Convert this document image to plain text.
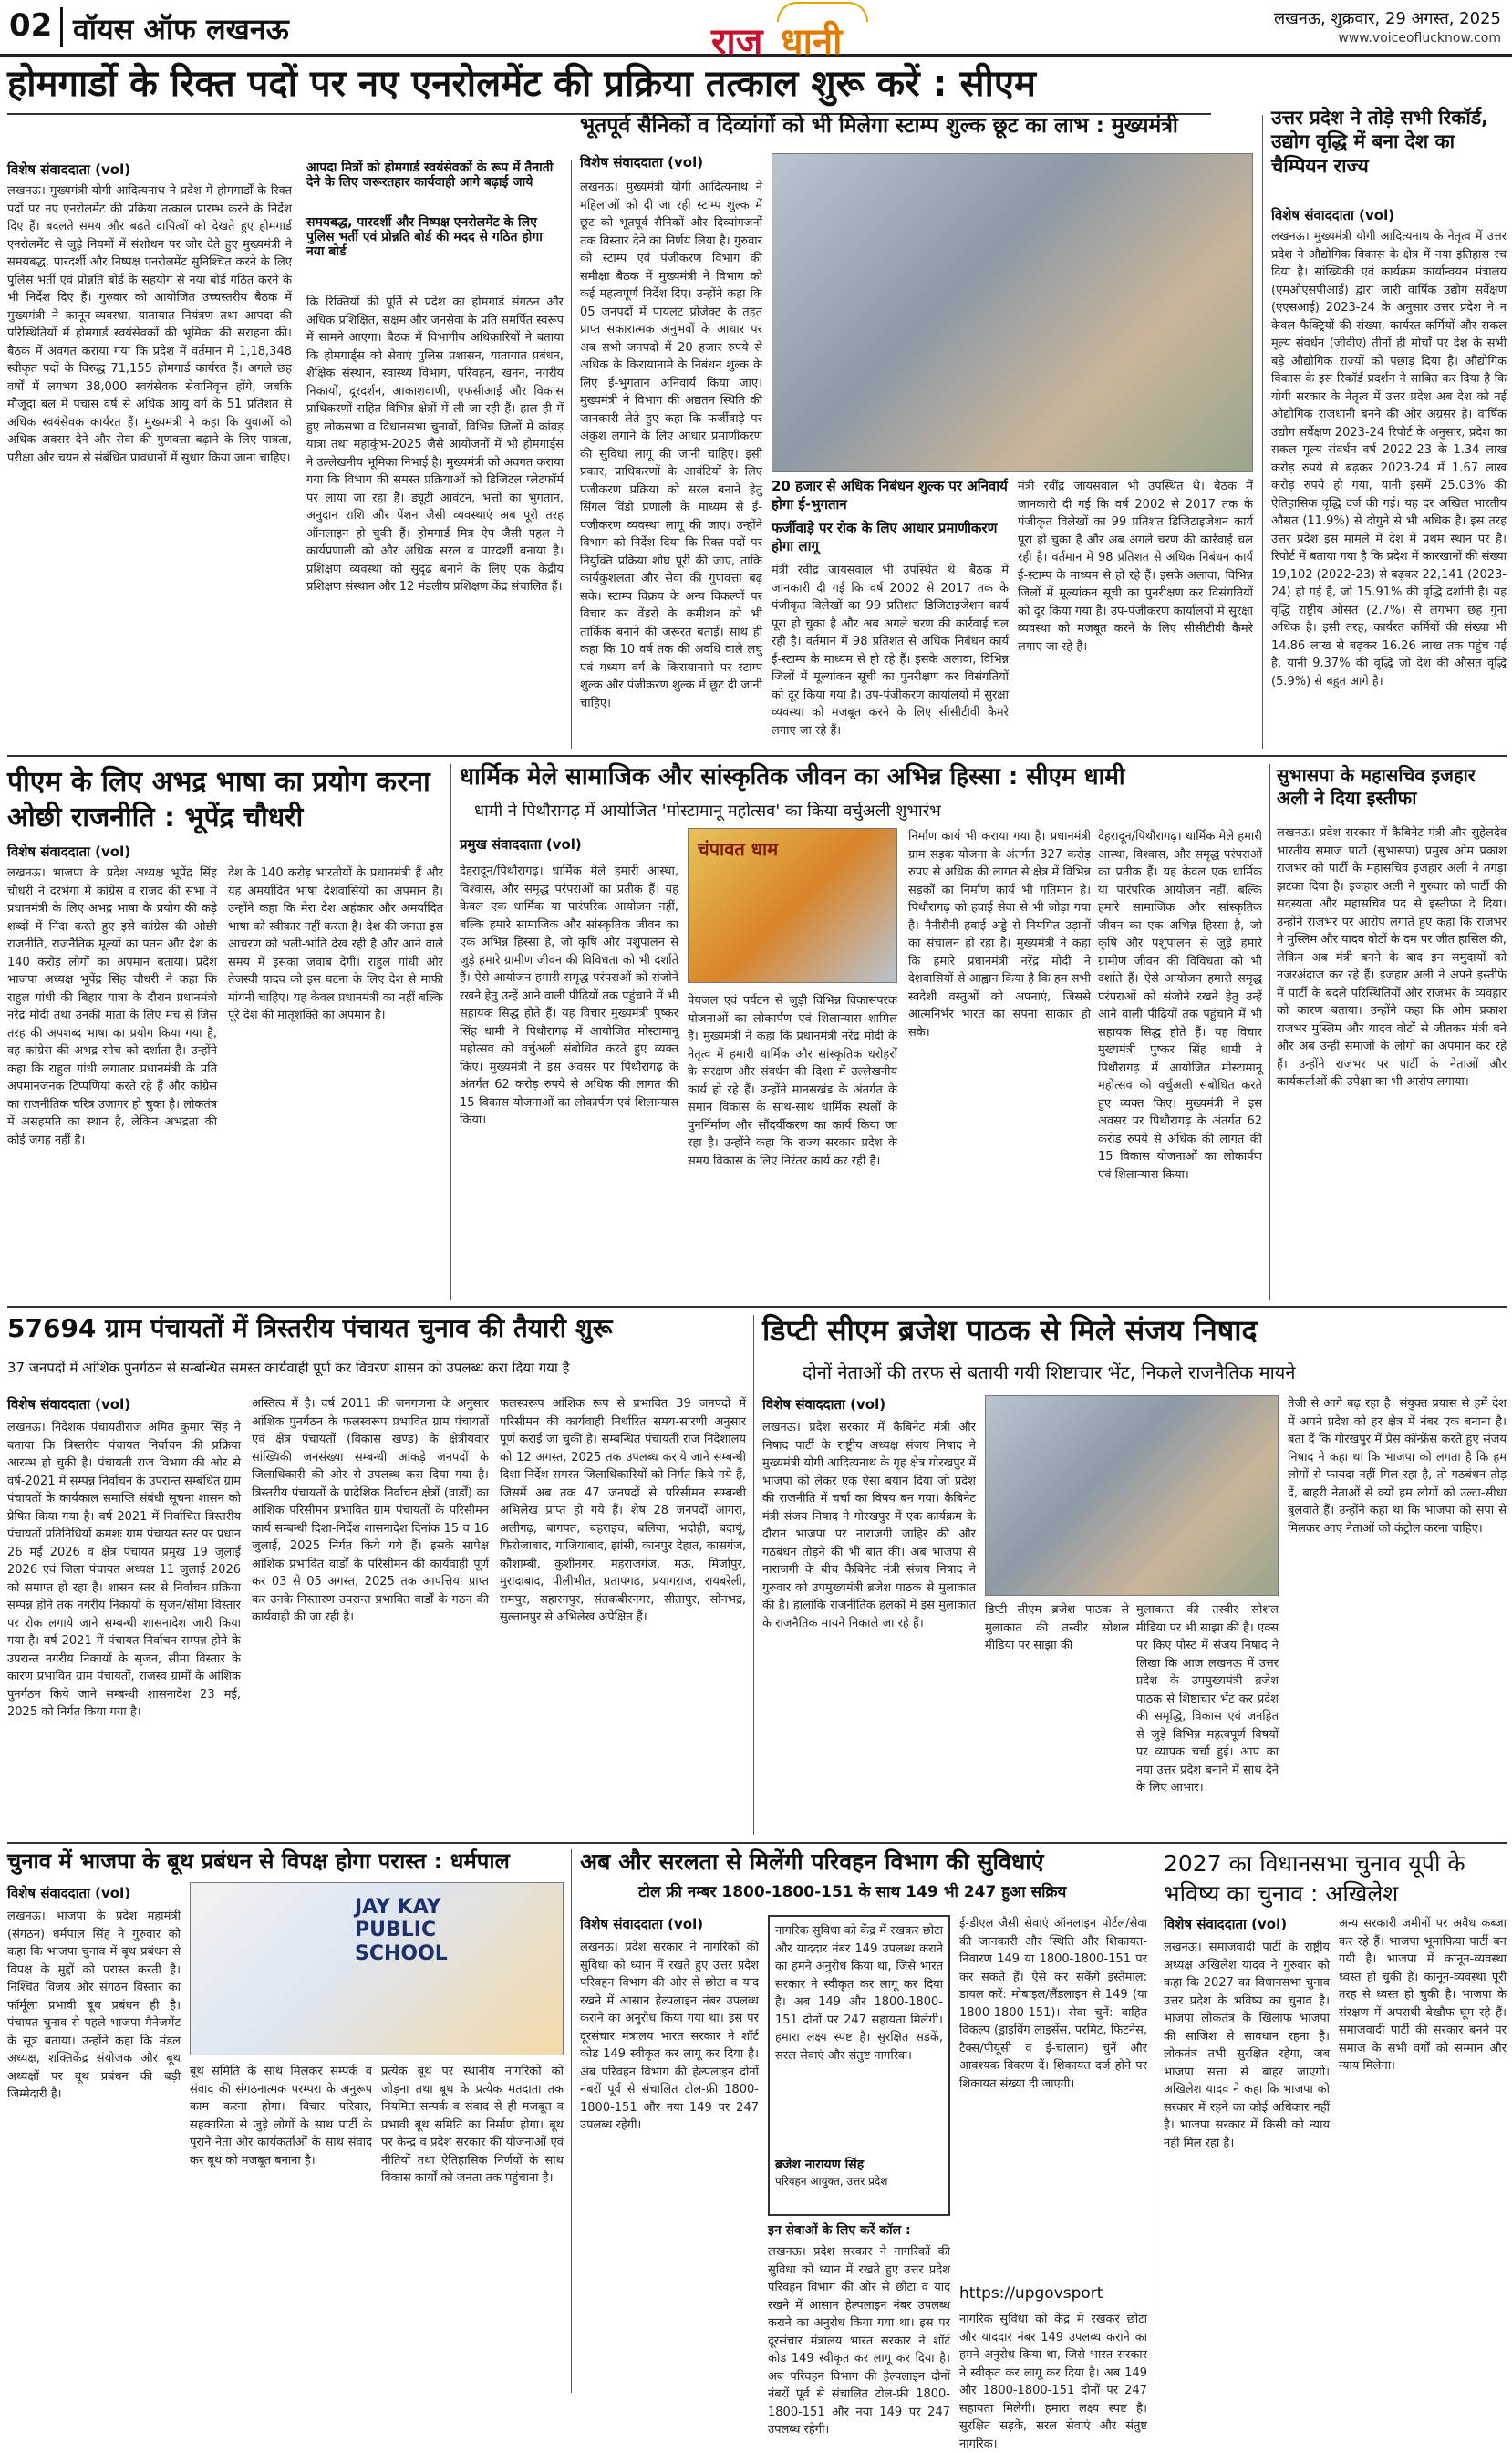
02 वॉयस ऑफ लखनऊ	राज धानी
लखनऊ, शुक्रवार, 29 अगस्त, 2025
www.voiceoflucknow.com
होमगार्डो के रिक्त पदों पर नए एनरोलमेंट की प्रक्रिया तत्काल शुरू करें : सीएम
विशेष संवाददाता (vol)
लखनऊ। मुख्यमंत्री योगी आदित्यनाथ ने प्रदेश में होमगार्डों के रिक्त पदों पर नए एनरोलमेंट की प्रक्रिया तत्काल प्रारम्भ करने के निर्देश दिए हैं। बदलते समय और बढ़ते दायित्वों को देखते हुए होमगार्ड एनरोलमेंट से जुड़े नियमों में संशोधन पर जोर देते हुए मुख्यमंत्री ने समयबद्ध, पारदर्शी और निष्पक्ष एनरोलमेंट सुनिश्चित करने के लिए पुलिस भर्ती एवं प्रोन्नति बोर्ड के सहयोग से नया बोर्ड गठित करने के भी निर्देश दिए हैं। गुरुवार को आयोजित उच्चस्तरीय बैठक में मुख्यमंत्री ने कानून-व्यवस्था, यातायात नियंत्रण तथा आपदा की परिस्थितियों में होमगार्ड स्वयंसेवकों की भूमिका की सराहना की। बैठक में अवगत कराया गया कि प्रदेश में वर्तमान में 1,18,348 स्वीकृत पदों के विरुद्ध 71,155 होमगार्ड कार्यरत हैं। अगले छह वर्षों में लगभग 38,000 स्वयंसेवक सेवानिवृत्त होंगे, जबकि मौजूदा बल में पचास वर्ष से अधिक आयु वर्ग के 51 प्रतिशत से अधिक स्वयंसेवक कार्यरत हैं। मुख्यमंत्री ने कहा कि युवाओं को अधिक अवसर देने और सेवा की गुणवत्ता बढ़ाने के लिए पात्रता, परीक्षा और चयन से संबंधित प्रावधानों में सुधार किया जाना चाहिए।
आपदा मित्रों को होमगार्ड स्वयंसेवकों के रूप में तैनाती देने के लिए जरूरतहार कार्यवाही आगे बढ़ाई जाये
समयबद्ध, पारदर्शी और निष्पक्ष एनरोलमेंट के लिए पुलिस भर्ती एवं प्रोन्नति बोर्ड की मदद से गठित होगा नया बोर्ड
कि रिक्तियों की पूर्ति से प्रदेश का होमगार्ड संगठन और अधिक प्रशिक्षित, सक्षम और जनसेवा के प्रति समर्पित स्वरूप में सामने आएगा। बैठक में विभागीय अधिकारियों ने बताया कि होमगार्ड्स को सेवाएं पुलिस प्रशासन, यातायात प्रबंधन, शैक्षिक संस्थान, स्वास्थ्य विभाग, परिवहन, खनन, नगरीय निकायों, दूरदर्शन, आकाशवाणी, एफसीआई और विकास प्राधिकरणों सहित विभिन्न क्षेत्रों में ली जा रही हैं। हाल ही में हुए लोकसभा व विधानसभा चुनावों, विभिन्न जिलों में कांवड़ यात्रा तथा महाकुंभ-2025 जैसे आयोजनों में भी होमगार्ड्स ने उल्लेखनीय भूमिका निभाई है। मुख्यमंत्री को अवगत कराया गया कि विभाग की समस्त प्रक्रियाओं को डिजिटल प्लेटफॉर्म पर लाया जा रहा है। ड्यूटी आवंटन, भत्तों का भुगतान, अनुदान राशि और पेंशन जैसी व्यवस्थाएं अब पूरी तरह ऑनलाइन हो चुकी हैं। होमगार्ड मित्र ऐप जैसी पहल ने कार्यप्रणाली को और अधिक सरल व पारदर्शी बनाया है। प्रशिक्षण व्यवस्था को सुदृढ़ बनाने के लिए एक केंद्रीय प्रशिक्षण संस्थान और 12 मंडलीय प्रशिक्षण केंद्र संचालित हैं।
भूतपूर्व सैनिकों व दिव्यांगों को भी मिलेगा स्टाम्प शुल्क छूट का लाभ : मुख्यमंत्री
विशेष संवाददाता (vol)
लखनऊ। मुख्यमंत्री योगी आदित्यनाथ ने महिलाओं को दी जा रही स्टाम्प शुल्क में छूट को भूतपूर्व सैनिकों और दिव्यांगजनों तक विस्तार देने का निर्णय लिया है। गुरुवार को स्टाम्प एवं पंजीकरण विभाग की समीक्षा बैठक में मुख्यमंत्री ने विभाग को कई महत्वपूर्ण निर्देश दिए। उन्होंने कहा कि 05 जनपदों में पायलट प्रोजेक्ट के तहत प्राप्त सकारात्मक अनुभवों के आधार पर अब सभी जनपदों में 20 हजार रुपये से अधिक के किरायानामे के निबंधन शुल्क के लिए ई-भुगतान अनिवार्य किया जाए। मुख्यमंत्री ने विभाग की अद्यतन स्थिति की जानकारी लेते हुए कहा कि फर्जीवाड़े पर अंकुश लगाने के लिए आधार प्रमाणीकरण की सुविधा लागू की जानी चाहिए। इसी प्रकार, प्राधिकरणों के आवंटियों के लिए पंजीकरण प्रक्रिया को सरल बनाने हेतु सिंगल विंडो प्रणाली के माध्यम से ई-पंजीकरण व्यवस्था लागू की जाए। उन्होंने विभाग को निर्देश दिया कि रिक्त पदों पर नियुक्ति प्रक्रिया शीघ्र पूरी की जाए, ताकि कार्यकुशलता और सेवा की गुणवत्ता बढ़ सके। स्टाम्प विक्रय के अन्य विकल्पों पर विचार कर वेंडरों के कमीशन को भी तार्किक बनाने की जरूरत बताई। साथ ही कहा कि 10 वर्ष तक की अवधि वाले लघु एवं मध्यम वर्ग के किरायानामे पर स्टाम्प शुल्क और पंजीकरण शुल्क में छूट दी जानी चाहिए।
20 हजार से अधिक निबंधन शुल्क पर अनिवार्य होगा ई-भुगतान
फर्जीवाड़े पर रोक के लिए आधार प्रमाणीकरण होगा लागू
मंत्री रवींद्र जायसवाल भी उपस्थित थे। बैठक में जानकारी दी गई कि वर्ष 2002 से 2017 तक के पंजीकृत विलेखों का 99 प्रतिशत डिजिटाइजेशन कार्य पूरा हो चुका है और अब अगले चरण की कार्रवाई चल रही है। वर्तमान में 98 प्रतिशत से अधिक निबंधन कार्य ई-स्टाम्प के माध्यम से हो रहे हैं। इसके अलावा, विभिन्न जिलों में मूल्यांकन सूची का पुनरीक्षण कर विसंगतियों को दूर किया गया है। उप-पंजीकरण कार्यालयों में सुरक्षा व्यवस्था को मजबूत करने के लिए सीसीटीवी कैमरे लगाए जा रहे हैं।
मंत्री रवींद्र जायसवाल भी उपस्थित थे। बैठक में जानकारी दी गई कि वर्ष 2002 से 2017 तक के पंजीकृत विलेखों का 99 प्रतिशत डिजिटाइजेशन कार्य पूरा हो चुका है और अब अगले चरण की कार्रवाई चल रही है। वर्तमान में 98 प्रतिशत से अधिक निबंधन कार्य ई-स्टाम्प के माध्यम से हो रहे हैं। इसके अलावा, विभिन्न जिलों में मूल्यांकन सूची का पुनरीक्षण कर विसंगतियों को दूर किया गया है। उप-पंजीकरण कार्यालयों में सुरक्षा व्यवस्था को मजबूत करने के लिए सीसीटीवी कैमरे लगाए जा रहे हैं।
उत्तर प्रदेश ने तोड़े सभी रिकॉर्ड, उद्योग वृद्धि में बना देश का चैम्पियन राज्य
विशेष संवाददाता (vol)
लखनऊ। मुख्यमंत्री योगी आदित्यनाथ के नेतृत्व में उत्तर प्रदेश ने औद्योगिक विकास के क्षेत्र में नया इतिहास रच दिया है। सांख्यिकी एवं कार्यक्रम कार्यान्वयन मंत्रालय (एमओएसपीआई) द्वारा जारी वार्षिक उद्योग सर्वेक्षण (एएसआई) 2023-24 के अनुसार उत्तर प्रदेश ने न केवल फैक्ट्रियों की संख्या, कार्यरत कर्मियों और सकल मूल्य संवर्धन (जीवीए) तीनों ही मोर्चों पर देश के सभी बड़े औद्योगिक राज्यों को पछाड़ दिया है। औद्योगिक विकास के इस रिकॉर्ड प्रदर्शन ने साबित कर दिया है कि योगी सरकार के नेतृत्व में उत्तर प्रदेश अब देश को नई औद्योगिक राजधानी बनने की ओर अग्रसर है। वार्षिक उद्योग सर्वेक्षण 2023-24 रिपोर्ट के अनुसार, प्रदेश का सकल मूल्य संवर्धन वर्ष 2022-23 के 1.34 लाख करोड़ रुपये से बढ़कर 2023-24 में 1.67 लाख करोड़ रुपये हो गया, यानी इसमें 25.03% की ऐतिहासिक वृद्धि दर्ज की गई। यह दर अखिल भारतीय औसत (11.9%) से दोगुने से भी अधिक है। इस तरह उत्तर प्रदेश इस मामले में देश में प्रथम स्थान पर है। रिपोर्ट में बताया गया है कि प्रदेश में कारखानों की संख्या 19,102 (2022-23) से बढ़कर 22,141 (2023-24) हो गई है, जो 15.91% की वृद्धि दर्शाती है। यह वृद्धि राष्ट्रीय औसत (2.7%) से लगभग छह गुना अधिक है। इसी तरह, कार्यरत कर्मियों की संख्या भी 14.86 लाख से बढ़कर 16.26 लाख तक पहुंच गई है, यानी 9.37% की वृद्धि जो देश की औसत वृद्धि (5.9%) से बहुत आगे है।
पीएम के लिए अभद्र भाषा का प्रयोग करना ओछी राजनीति : भूपेंद्र चौधरी
विशेष संवाददाता (vol)
लखनऊ। भाजपा के प्रदेश अध्यक्ष भूपेंद्र सिंह चौधरी ने दरभंगा में कांग्रेस व राजद की सभा में प्रधानमंत्री के लिए अभद्र भाषा के प्रयोग की कड़े शब्दों में निंदा करते हुए इसे कांग्रेस की ओछी राजनीति, राजनैतिक मूल्यों का पतन और देश के 140 करोड़ लोगों का अपमान बताया। प्रदेश भाजपा अध्यक्ष भूपेंद्र सिंह चौधरी ने कहा कि राहुल गांधी की बिहार यात्रा के दौरान प्रधानमंत्री नरेंद्र मोदी तथा उनकी माता के लिए मंच से जिस तरह की अपशब्द भाषा का प्रयोग किया गया है, वह कांग्रेस की अभद्र सोच को दर्शाता है। उन्होंने कहा कि राहुल गांधी लगातार प्रधानमंत्री के प्रति अपमानजनक टिप्पणियां करते रहे हैं और कांग्रेस का राजनीतिक चरित्र उजागर हो चुका है। लोकतंत्र में असहमति का स्थान है, लेकिन अभद्रता की कोई जगह नहीं है।
देश के 140 करोड़ भारतीयों के प्रधानमंत्री हैं और यह अमर्यादित भाषा देशवासियों का अपमान है। उन्होंने कहा कि मेरा देश अहंकार और अमर्यादित भाषा को स्वीकार नहीं करता है। देश की जनता इस आचरण को भली-भांति देख रही है और आने वाले समय में इसका जवाब देगी। राहुल गांधी और तेजस्वी यादव को इस घटना के लिए देश से माफी मांगनी चाहिए। यह केवल प्रधानमंत्री का नहीं बल्कि पूरे देश की मातृशक्ति का अपमान है।
धार्मिक मेले सामाजिक और सांस्कृतिक जीवन का अभिन्न हिस्सा : सीएम धामी
धामी ने पिथौरागढ़ में आयोजित 'मोस्टामानू महोत्सव' का किया वर्चुअली शुभारंभ
प्रमुख संवाददाता (vol)
देहरादून/पिथौरागढ़। धार्मिक मेले हमारी आस्था, विश्वास, और समृद्ध परंपराओं का प्रतीक हैं। यह केवल एक धार्मिक या पारंपरिक आयोजन नहीं, बल्कि हमारे सामाजिक और सांस्कृतिक जीवन का एक अभिन्न हिस्सा है, जो कृषि और पशुपालन से जुड़े हमारे ग्रामीण जीवन की विविधता को भी दर्शाते हैं। ऐसे आयोजन हमारी समृद्ध परंपराओं को संजोने रखने हेतु उन्हें आने वाली पीढ़ियों तक पहुंचाने में भी सहायक सिद्ध होते हैं। यह विचार मुख्यमंत्री पुष्कर सिंह धामी ने पिथौरागढ़ में आयोजित मोस्टामानू महोत्सव को वर्चुअली संबोधित करते हुए व्यक्त किए। मुख्यमंत्री ने इस अवसर पर पिथौरागढ़ के अंतर्गत 62 करोड़ रुपये से अधिक की लागत की 15 विकास योजनाओं का लोकार्पण एवं शिलान्यास किया।
चंपावत धाम
पेयजल एवं पर्यटन से जुड़ी विभिन्न विकासपरक योजनाओं का लोकार्पण एवं शिलान्यास शामिल हैं। मुख्यमंत्री ने कहा कि प्रधानमंत्री नरेंद्र मोदी के नेतृत्व में हमारी धार्मिक और सांस्कृतिक धरोहरों के संरक्षण और संवर्धन की दिशा में उल्लेखनीय कार्य हो रहे हैं। उन्होंने मानसखंड के अंतर्गत के समान विकास के साथ-साथ धार्मिक स्थलों के पुनर्निर्माण और सौंदर्यीकरण का कार्य किया जा रहा है। उन्होंने कहा कि राज्य सरकार प्रदेश के समग्र विकास के लिए निरंतर कार्य कर रही है।
निर्माण कार्य भी कराया गया है। प्रधानमंत्री ग्राम सड़क योजना के अंतर्गत 327 करोड़ रुपए से अधिक की लागत से क्षेत्र में विभिन्न सड़कों का निर्माण कार्य भी गतिमान है। पिथौरागढ़ को हवाई सेवा से भी जोड़ा गया है। नैनीसैनी हवाई अड्डे से नियमित उड़ानों का संचालन हो रहा है। मुख्यमंत्री ने कहा कि हमारे प्रधानमंत्री नरेंद्र मोदी ने देशवासियों से आह्वान किया है कि हम सभी स्वदेशी वस्तुओं को अपनाएं, जिससे आत्मनिर्भर भारत का सपना साकार हो सके।
देहरादून/पिथौरागढ़। धार्मिक मेले हमारी आस्था, विश्वास, और समृद्ध परंपराओं का प्रतीक हैं। यह केवल एक धार्मिक या पारंपरिक आयोजन नहीं, बल्कि हमारे सामाजिक और सांस्कृतिक जीवन का एक अभिन्न हिस्सा है, जो कृषि और पशुपालन से जुड़े हमारे ग्रामीण जीवन की विविधता को भी दर्शाते हैं। ऐसे आयोजन हमारी समृद्ध परंपराओं को संजोने रखने हेतु उन्हें आने वाली पीढ़ियों तक पहुंचाने में भी सहायक सिद्ध होते हैं। यह विचार मुख्यमंत्री पुष्कर सिंह धामी ने पिथौरागढ़ में आयोजित मोस्टामानू महोत्सव को वर्चुअली संबोधित करते हुए व्यक्त किए। मुख्यमंत्री ने इस अवसर पर पिथौरागढ़ के अंतर्गत 62 करोड़ रुपये से अधिक की लागत की 15 विकास योजनाओं का लोकार्पण एवं शिलान्यास किया।
सुभासपा के महासचिव इजहार अली ने दिया इस्तीफा
लखनऊ। प्रदेश सरकार में कैबिनेट मंत्री और सुहेलदेव भारतीय समाज पार्टी (सुभासपा) प्रमुख ओम प्रकाश राजभर को पार्टी के महासचिव इजहार अली ने तगड़ा झटका दिया है। इजहार अली ने गुरुवार को पार्टी की सदस्यता और महासचिव पद से इस्तीफा दे दिया। उन्होंने राजभर पर आरोप लगाते हुए कहा कि राजभर ने मुस्लिम और यादव वोटों के दम पर जीत हासिल की, लेकिन अब मंत्री बनने के बाद इन समुदायों को नजरअंदाज कर रहे हैं। इजहार अली ने अपने इस्तीफे में पार्टी के बदले परिस्थितियों और राजभर के व्यवहार को कारण बताया। उन्होंने कहा कि ओम प्रकाश राजभर मुस्लिम और यादव वोटों से जीतकर मंत्री बने और अब उन्हीं समाजों के लोगों का अपमान कर रहे हैं। उन्होंने राजभर पर पार्टी के नेताओं और कार्यकर्ताओं की उपेक्षा का भी आरोप लगाया।
57694 ग्राम पंचायतों में त्रिस्तरीय पंचायत चुनाव की तैयारी शुरू
37 जनपदों में आंशिक पुनर्गठन से सम्बन्धित समस्त कार्यवाही पूर्ण कर विवरण शासन को उपलब्ध करा दिया गया है
विशेष संवाददाता (vol)
लखनऊ। निदेशक पंचायतीराज अमित कुमार सिंह ने बताया कि त्रिस्तरीय पंचायत निर्वाचन की प्रक्रिया आरम्भ हो चुकी है। पंचायती राज विभाग की ओर से वर्ष-2021 में सम्पन्न निर्वाचन के उपरान्त सम्बंधित ग्राम पंचायतों के कार्यकाल समाप्ति संबंधी सूचना शासन को प्रेषित किया गया है। वर्ष 2021 में निर्वाचित त्रिस्तरीय पंचायतों प्रतिनिधियों क्रमशः ग्राम पंचायत स्तर पर प्रधान 26 मई 2026 व क्षेत्र पंचायत प्रमुख 19 जुलाई 2026 एवं जिला पंचायत अध्यक्ष 11 जुलाई 2026 को समाप्त हो रहा है। शासन स्तर से निर्वाचन प्रक्रिया सम्पन्न होने तक नगरीय निकायों के सृजन/सीमा विस्तार पर रोक लगाये जाने सम्बन्धी शासनादेश जारी किया गया है। वर्ष 2021 में पंचायत निर्वाचन सम्पन्न होने के उपरान्त नगरीय निकायों के सृजन, सीमा विस्तार के कारण प्रभावित ग्राम पंचायतों, राजस्व ग्रामों के आंशिक पुनर्गठन किये जाने सम्बन्धी शासनादेश 23 मई, 2025 को निर्गत किया गया है।
अस्तित्व में है। वर्ष 2011 की जनगणना के अनुसार आंशिक पुनर्गठन के फलस्वरूप प्रभावित ग्राम पंचायतों एवं क्षेत्र पंचायतों (विकास खण्ड) के क्षेत्रीयवार सांख्यिकी जनसंख्या सम्बन्धी आंकड़े जनपदों के जिलाधिकारी की ओर से उपलब्ध करा दिया गया है। त्रिस्तरीय पंचायतों के प्रादेशिक निर्वाचन क्षेत्रों (वार्डों) का आंशिक परिसीमन प्रभावित ग्राम पंचायतों के परिसीमन कार्य सम्बन्धी दिशा-निर्देश शासनादेश दिनांक 15 व 16 जुलाई, 2025 निर्गत किये गये हैं। इसके सापेक्ष आंशिक प्रभावित वार्डों के परिसीमन की कार्यवाही पूर्ण कर 03 से 05 अगस्त, 2025 तक आपत्तियां प्राप्त कर उनके निस्तारण उपरान्त प्रभावित वार्डों के गठन की कार्यवाही की जा रही है।
फलस्वरूप आंशिक रूप से प्रभावित 39 जनपदों में परिसीमन की कार्यवाही निर्धारित समय-सारणी अनुसार पूर्ण कराई जा चुकी है। सम्बन्धित पंचायती राज निदेशालय को 12 अगस्त, 2025 तक उपलब्ध कराये जाने सम्बन्धी दिशा-निर्देश समस्त जिलाधिकारियों को निर्गत किये गये हैं, जिसमें अब तक 47 जनपदों से परिसीमन सम्बन्धी अभिलेख प्राप्त हो गये हैं। शेष 28 जनपदों आगरा, अलीगढ़, बागपत, बहराइच, बलिया, भदोही, बदायूं, फिरोजाबाद, गाजियाबाद, झांसी, कानपुर देहात, कासगंज, कौशाम्बी, कुशीनगर, महराजगंज, मऊ, मिर्जापुर, मुरादाबाद, पीलीभीत, प्रतापगढ़, प्रयागराज, रायबरेली, रामपुर, सहारनपुर, संतकबीरनगर, सीतापुर, सोनभद्र, सुल्तानपुर से अभिलेख अपेक्षित हैं।
डिप्टी सीएम ब्रजेश पाठक से मिले संजय निषाद
दोनों नेताओं की तरफ से बतायी गयी शिष्टाचार भेंट, निकले राजनैतिक मायने
विशेष संवाददाता (vol)
लखनऊ। प्रदेश सरकार में कैबिनेट मंत्री और निषाद पार्टी के राष्ट्रीय अध्यक्ष संजय निषाद ने मुख्यमंत्री योगी आदित्यनाथ के गृह क्षेत्र गोरखपुर में भाजपा को लेकर एक ऐसा बयान दिया जो प्रदेश की राजनीति में चर्चा का विषय बन गया। कैबिनेट मंत्री संजय निषाद ने गोरखपुर में एक कार्यक्रम के दौरान भाजपा पर नाराजगी जाहिर की और गठबंधन तोड़ने की भी बात की। अब भाजपा से नाराजगी के बीच कैबिनेट मंत्री संजय निषाद ने गुरुवार को उपमुख्यमंत्री ब्रजेश पाठक से मुलाकात की है। हालांकि राजनीतिक हलकों में इस मुलाकात के राजनैतिक मायने निकाले जा रहे हैं।
डिप्टी सीएम ब्रजेश पाठक से मुलाकात की तस्वीर सोशल मीडिया पर साझा की
मुलाकात की तस्वीर सोशल मीडिया पर भी साझा की है। एक्स पर किए पोस्ट में संजय निषाद ने लिखा कि आज लखनऊ में उत्तर प्रदेश के उपमुख्यमंत्री ब्रजेश पाठक से शिष्टाचार भेंट कर प्रदेश की समृद्धि, विकास एवं जनहित से जुड़े विभिन्न महत्वपूर्ण विषयों पर व्यापक चर्चा हुई। आप का नया उत्तर प्रदेश बनाने में साथ देने के लिए आभार।
तेजी से आगे बढ़ रहा है। संयुक्त प्रयास से हमें देश में अपने प्रदेश को हर क्षेत्र में नंबर एक बनाना है। बता दें कि गोरखपुर में प्रेस कॉन्फ्रेंस करते हुए संजय निषाद ने कहा था कि भाजपा को लगता है कि हम लोगों से फायदा नहीं मिल रहा है, तो गठबंधन तोड़ दें, बाहरी नेताओं से क्यों हम लोगों को उल्टा-सीधा बुलवाते हैं। उन्होंने कहा था कि भाजपा को सपा से मिलकर आए नेताओं को कंट्रोल करना चाहिए।
चुनाव में भाजपा के बूथ प्रबंधन से विपक्ष होगा परास्त : धर्मपाल
विशेष संवाददाता (vol)
लखनऊ। भाजपा के प्रदेश महामंत्री (संगठन) धर्मपाल सिंह ने गुरुवार को कहा कि भाजपा चुनाव में बूथ प्रबंधन से विपक्ष के मुद्दों को परास्त करती है। निश्चित विजय और संगठन विस्तार का फॉर्मूला प्रभावी बूथ प्रबंधन ही है। पंचायत चुनाव से पहले भाजपा मैनेजमेंट के सूत्र बताया। उन्होंने कहा कि मंडल अध्यक्ष, शक्तिकेंद्र संयोजक और बूथ अध्यक्षों पर बूथ प्रबंधन की बड़ी जिम्मेदारी है।
JAY KAY PUBLIC SCHOOL
बूथ समिति के साथ मिलकर सम्पर्क व संवाद की संगठनात्मक परम्परा के अनुरूप काम करना होगा। विचार परिवार, सहकारिता से जुड़े लोगों के साथ पार्टी के पुराने नेता और कार्यकर्ताओं के साथ संवाद कर बूथ को मजबूत बनाना है।
प्रत्येक बूथ पर स्थानीय नागरिकों को जोड़ना तथा बूथ के प्रत्येक मतदाता तक नियमित सम्पर्क व संवाद से ही मजबूत व प्रभावी बूथ समिति का निर्माण होगा। बूथ पर केन्द्र व प्रदेश सरकार की योजनाओं एवं नीतियों तथा ऐतिहासिक निर्णयों के साथ विकास कार्यों को जनता तक पहुंचाना है।
अब और सरलता से मिलेंगी परिवहन विभाग की सुविधाएं
टोल फ्री नम्बर 1800-1800-151 के साथ 149 भी 247 हुआ सक्रिय
विशेष संवाददाता (vol)
लखनऊ। प्रदेश सरकार ने नागरिकों की सुविधा को ध्यान में रखते हुए उत्तर प्रदेश परिवहन विभाग की ओर से छोटा व याद रखने में आसान हेल्पलाइन नंबर उपलब्ध कराने का अनुरोध किया गया था। इस पर दूरसंचार मंत्रालय भारत सरकार ने शॉर्ट कोड 149 स्वीकृत कर लागू कर दिया है। अब परिवहन विभाग की हेल्पलाइन दोनों नंबरों पूर्व से संचालित टोल-फ्री 1800-1800-151 और नया 149 पर 247 उपलब्ध रहेगी।
नागरिक सुविधा को केंद्र में रखकर छोटा और याददार नंबर 149 उपलब्ध कराने का हमने अनुरोध किया था, जिसे भारत सरकार ने स्वीकृत कर लागू कर दिया है। अब 149 और 1800-1800-151 दोनों पर 247 सहायता मिलेगी। हमारा लक्ष्य स्पष्ट है। सुरक्षित सड़कें, सरल सेवाएं और संतुष्ट नागरिक।
ब्रजेश नारायण सिंह
परिवहन आयुक्त, उत्तर प्रदेश
इन सेवाओं के लिए करें कॉल :
लखनऊ। प्रदेश सरकार ने नागरिकों की सुविधा को ध्यान में रखते हुए उत्तर प्रदेश परिवहन विभाग की ओर से छोटा व याद रखने में आसान हेल्पलाइन नंबर उपलब्ध कराने का अनुरोध किया गया था। इस पर दूरसंचार मंत्रालय भारत सरकार ने शॉर्ट कोड 149 स्वीकृत कर लागू कर दिया है। अब परिवहन विभाग की हेल्पलाइन दोनों नंबरों पूर्व से संचालित टोल-फ्री 1800-1800-151 और नया 149 पर 247 उपलब्ध रहेगी।
ई-डीएल जैसी सेवाएं ऑनलाइन पोर्टल/सेवा की जानकारी और स्थिति और शिकायत-निवारण 149 या 1800-1800-151 पर कर सकते हैं। ऐसे कर सकेंगे इस्तेमाल: डायल करें: मोबाइल/लैंडलाइन से 149 (या 1800-1800-151)। सेवा चुनें: वाहित विकल्प (ड्राइविंग लाइसेंस, परमिट, फिटनेस, टैक्स/पीयूसी व ई-चालान) चुनें और आवश्यक विवरण दें। शिकायत दर्ज होने पर शिकायत संख्या दी जाएगी।
https://upgovsport
नागरिक सुविधा को केंद्र में रखकर छोटा और याददार नंबर 149 उपलब्ध कराने का हमने अनुरोध किया था, जिसे भारत सरकार ने स्वीकृत कर लागू कर दिया है। अब 149 और 1800-1800-151 दोनों पर 247 सहायता मिलेगी। हमारा लक्ष्य स्पष्ट है। सुरक्षित सड़कें, सरल सेवाएं और संतुष्ट नागरिक।
2027 का विधानसभा चुनाव यूपी के भविष्य का चुनाव : अखिलेश
विशेष संवाददाता (vol)
लखनऊ। समाजवादी पार्टी के राष्ट्रीय अध्यक्ष अखिलेश यादव ने गुरुवार को कहा कि 2027 का विधानसभा चुनाव उत्तर प्रदेश के भविष्य का चुनाव है। भाजपा लोकतंत्र के खिलाफ भाजपा की साजिश से सावधान रहना है। लोकतंत्र तभी सुरक्षित रहेगा, जब भाजपा सत्ता से बाहर जाएगी। अखिलेश यादव ने कहा कि भाजपा को सरकार में रहने का कोई अधिकार नहीं है। भाजपा सरकार में किसी को न्याय नहीं मिल रहा है।
अन्य सरकारी जमीनों पर अवैध कब्जा कर रहे हैं। भाजपा भूमाफिया पार्टी बन गयी है। भाजपा में कानून-व्यवस्था ध्वस्त हो चुकी है। कानून-व्यवस्था पूरी तरह से ध्वस्त हो चुकी है। भाजपा के संरक्षण में अपराधी बेखौफ घूम रहे हैं। समाजवादी पार्टी की सरकार बनने पर समाज के सभी वर्गों को सम्मान और न्याय मिलेगा।
